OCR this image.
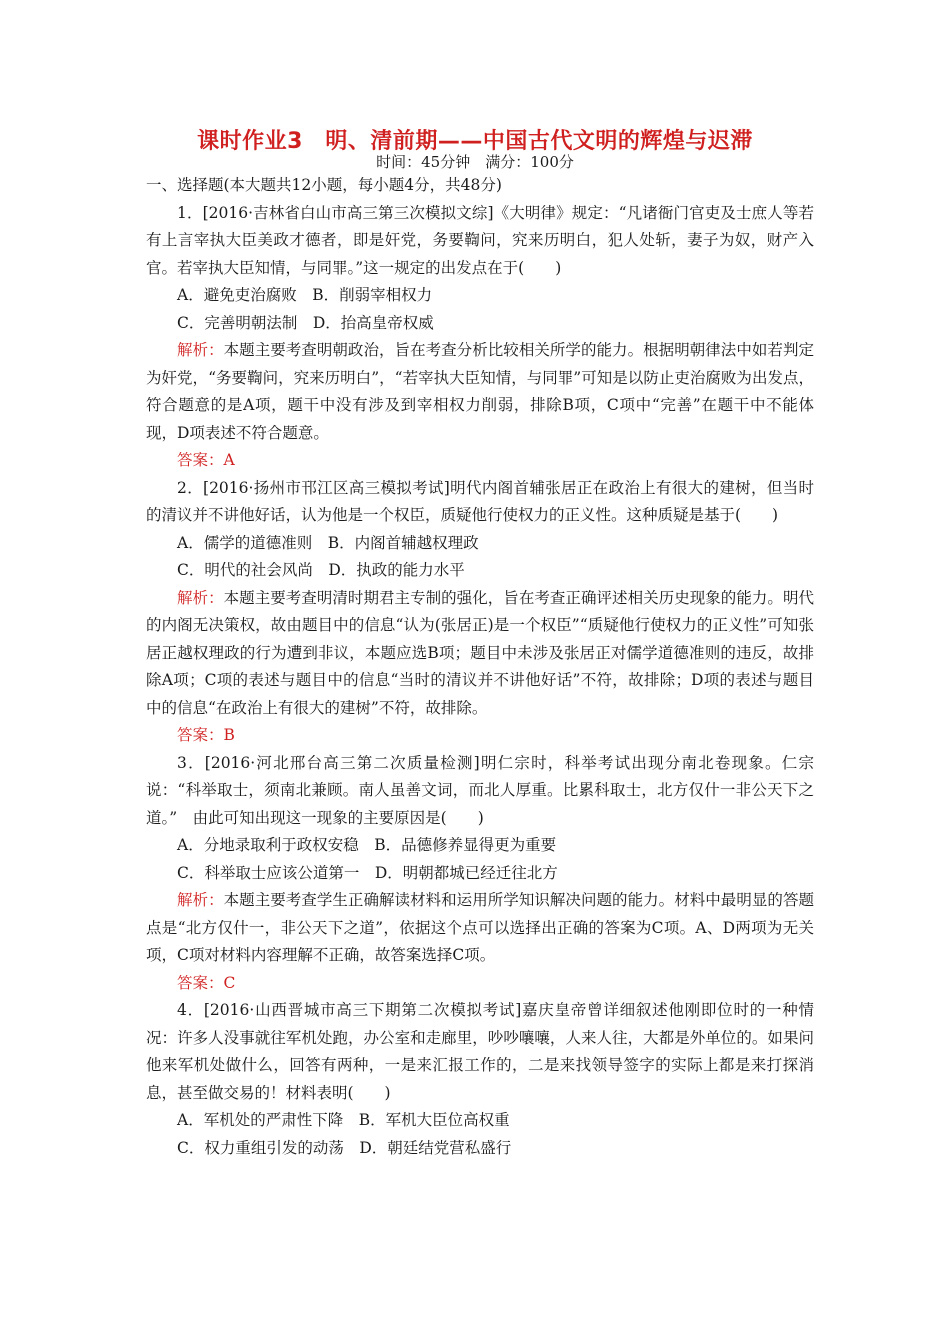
课时作业3　明、清前期——中国古代文明的辉煌与迟滞
时间：45分钟　满分：100分
一、选择题(本大题共12小题，每小题4分，共48分)
1．[2016·吉林省白山市高三第三次模拟文综]《大明律》规定：“凡诸衙门官吏及士庶人等若有上言宰执大臣美政才德者，即是奸党，务要鞫问，究来历明白，犯人处斩，妻子为奴，财产入官。若宰执大臣知情，与同罪。”这一规定的出发点在于(　　)
A．避免吏治腐败　B．削弱宰相权力
C．完善明朝法制　D．抬高皇帝权威
解析：本题主要考查明朝政治，旨在考查分析比较相关所学的能力。根据明朝律法中如若判定为奸党，“务要鞫问，究来历明白”，“若宰执大臣知情，与同罪”可知是以防止吏治腐败为出发点，符合题意的是A项，题干中没有涉及到宰相权力削弱，排除B项，C项中“完善”在题干中不能体现，D项表述不符合题意。
答案：A
2．[2016·扬州市邗江区高三模拟考试]明代内阁首辅张居正在政治上有很大的建树，但当时的清议并不讲他好话，认为他是一个权臣，质疑他行使权力的正义性。这种质疑是基于(　　)
A．儒学的道德准则　B．内阁首辅越权理政
C．明代的社会风尚　D．执政的能力水平
解析：本题主要考查明清时期君主专制的强化，旨在考查正确评述相关历史现象的能力。明代的内阁无决策权，故由题目中的信息“认为(张居正)是一个权臣”“质疑他行使权力的正义性”可知张居正越权理政的行为遭到非议，本题应选B项；题目中未涉及张居正对儒学道德准则的违反，故排除A项；C项的表述与题目中的信息“当时的清议并不讲他好话”不符，故排除；D项的表述与题目中的信息“在政治上有很大的建树”不符，故排除。
答案：B
3．[2016·河北邢台高三第二次质量检测]明仁宗时，科举考试出现分南北卷现象。仁宗说：“科举取士，须南北兼顾。南人虽善文词，而北人厚重。比累科取士，北方仅什一非公天下之道。”　由此可知出现这一现象的主要原因是(　　)
A．分地录取利于政权安稳　B．品德修养显得更为重要
C．科举取士应该公道第一　D．明朝都城已经迁往北方
解析：本题主要考查学生正确解读材料和运用所学知识解决问题的能力。材料中最明显的答题点是“北方仅什一，非公天下之道”，依据这个点可以选择出正确的答案为C项。A、D两项为无关项，C项对材料内容理解不正确，故答案选择C项。
答案：C
4．[2016·山西晋城市高三下期第二次模拟考试]嘉庆皇帝曾详细叙述他刚即位时的一种情况：许多人没事就往军机处跑，办公室和走廊里，吵吵嚷嚷，人来人往，大都是外单位的。如果问他来军机处做什么，回答有两种，一是来汇报工作的，二是来找领导签字的实际上都是来打探消息，甚至做交易的！材料表明(　　)
A．军机处的严肃性下降　B．军机大臣位高权重
C．权力重组引发的动荡　D．朝廷结党营私盛行
